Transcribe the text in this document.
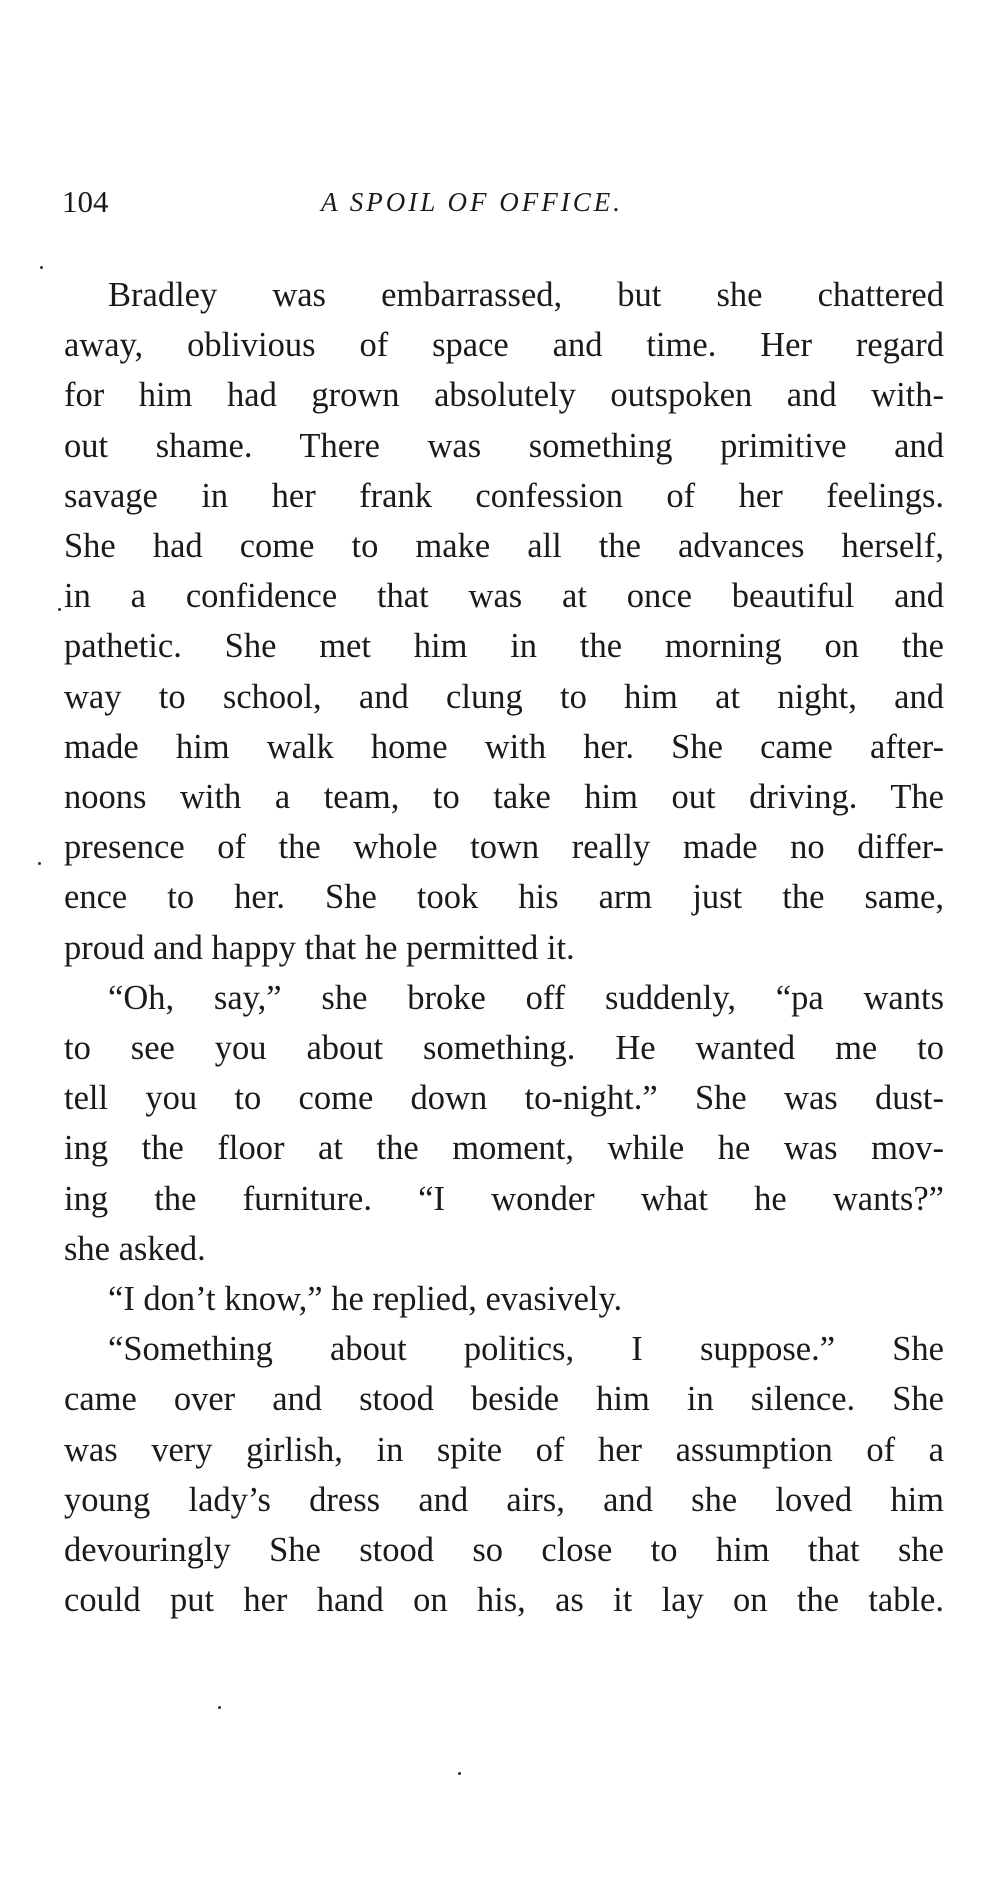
104	A SPOIL OF OFFICE.

Bradley was embarrassed, but she chattered
away, oblivious of space and time. Her regard
for him had grown absolutely outspoken and with-
out shame. There was something primitive and
savage in her frank confession of her feelings.
She had come to make all the advances herself,
in a confidence that was at once beautiful and
pathetic. She met him in the morning on the
way to school, and clung to him at night, and
made him walk home with her. She came after-
noons with a team, to take him out driving. The
presence of the whole town really made no differ-
ence to her. She took his arm just the same,
proud and happy that he permitted it.

“Oh, say,” she broke off suddenly, “pa wants
to see you about something. He wanted me to
tell you to come down to-night.” She was dust-
ing the floor at the moment, while he was mov-
ing the furniture. “I wonder what he wants?”
she asked.

“I don’t know,” he replied, evasively.

“Something about politics, I suppose.” She
came over and stood beside him in silence. She
was very girlish, in spite of her assumption of a
young lady’s dress and airs, and she loved him
devouringly She stood so close to him that she
could put her hand on his, as it lay on the table.
